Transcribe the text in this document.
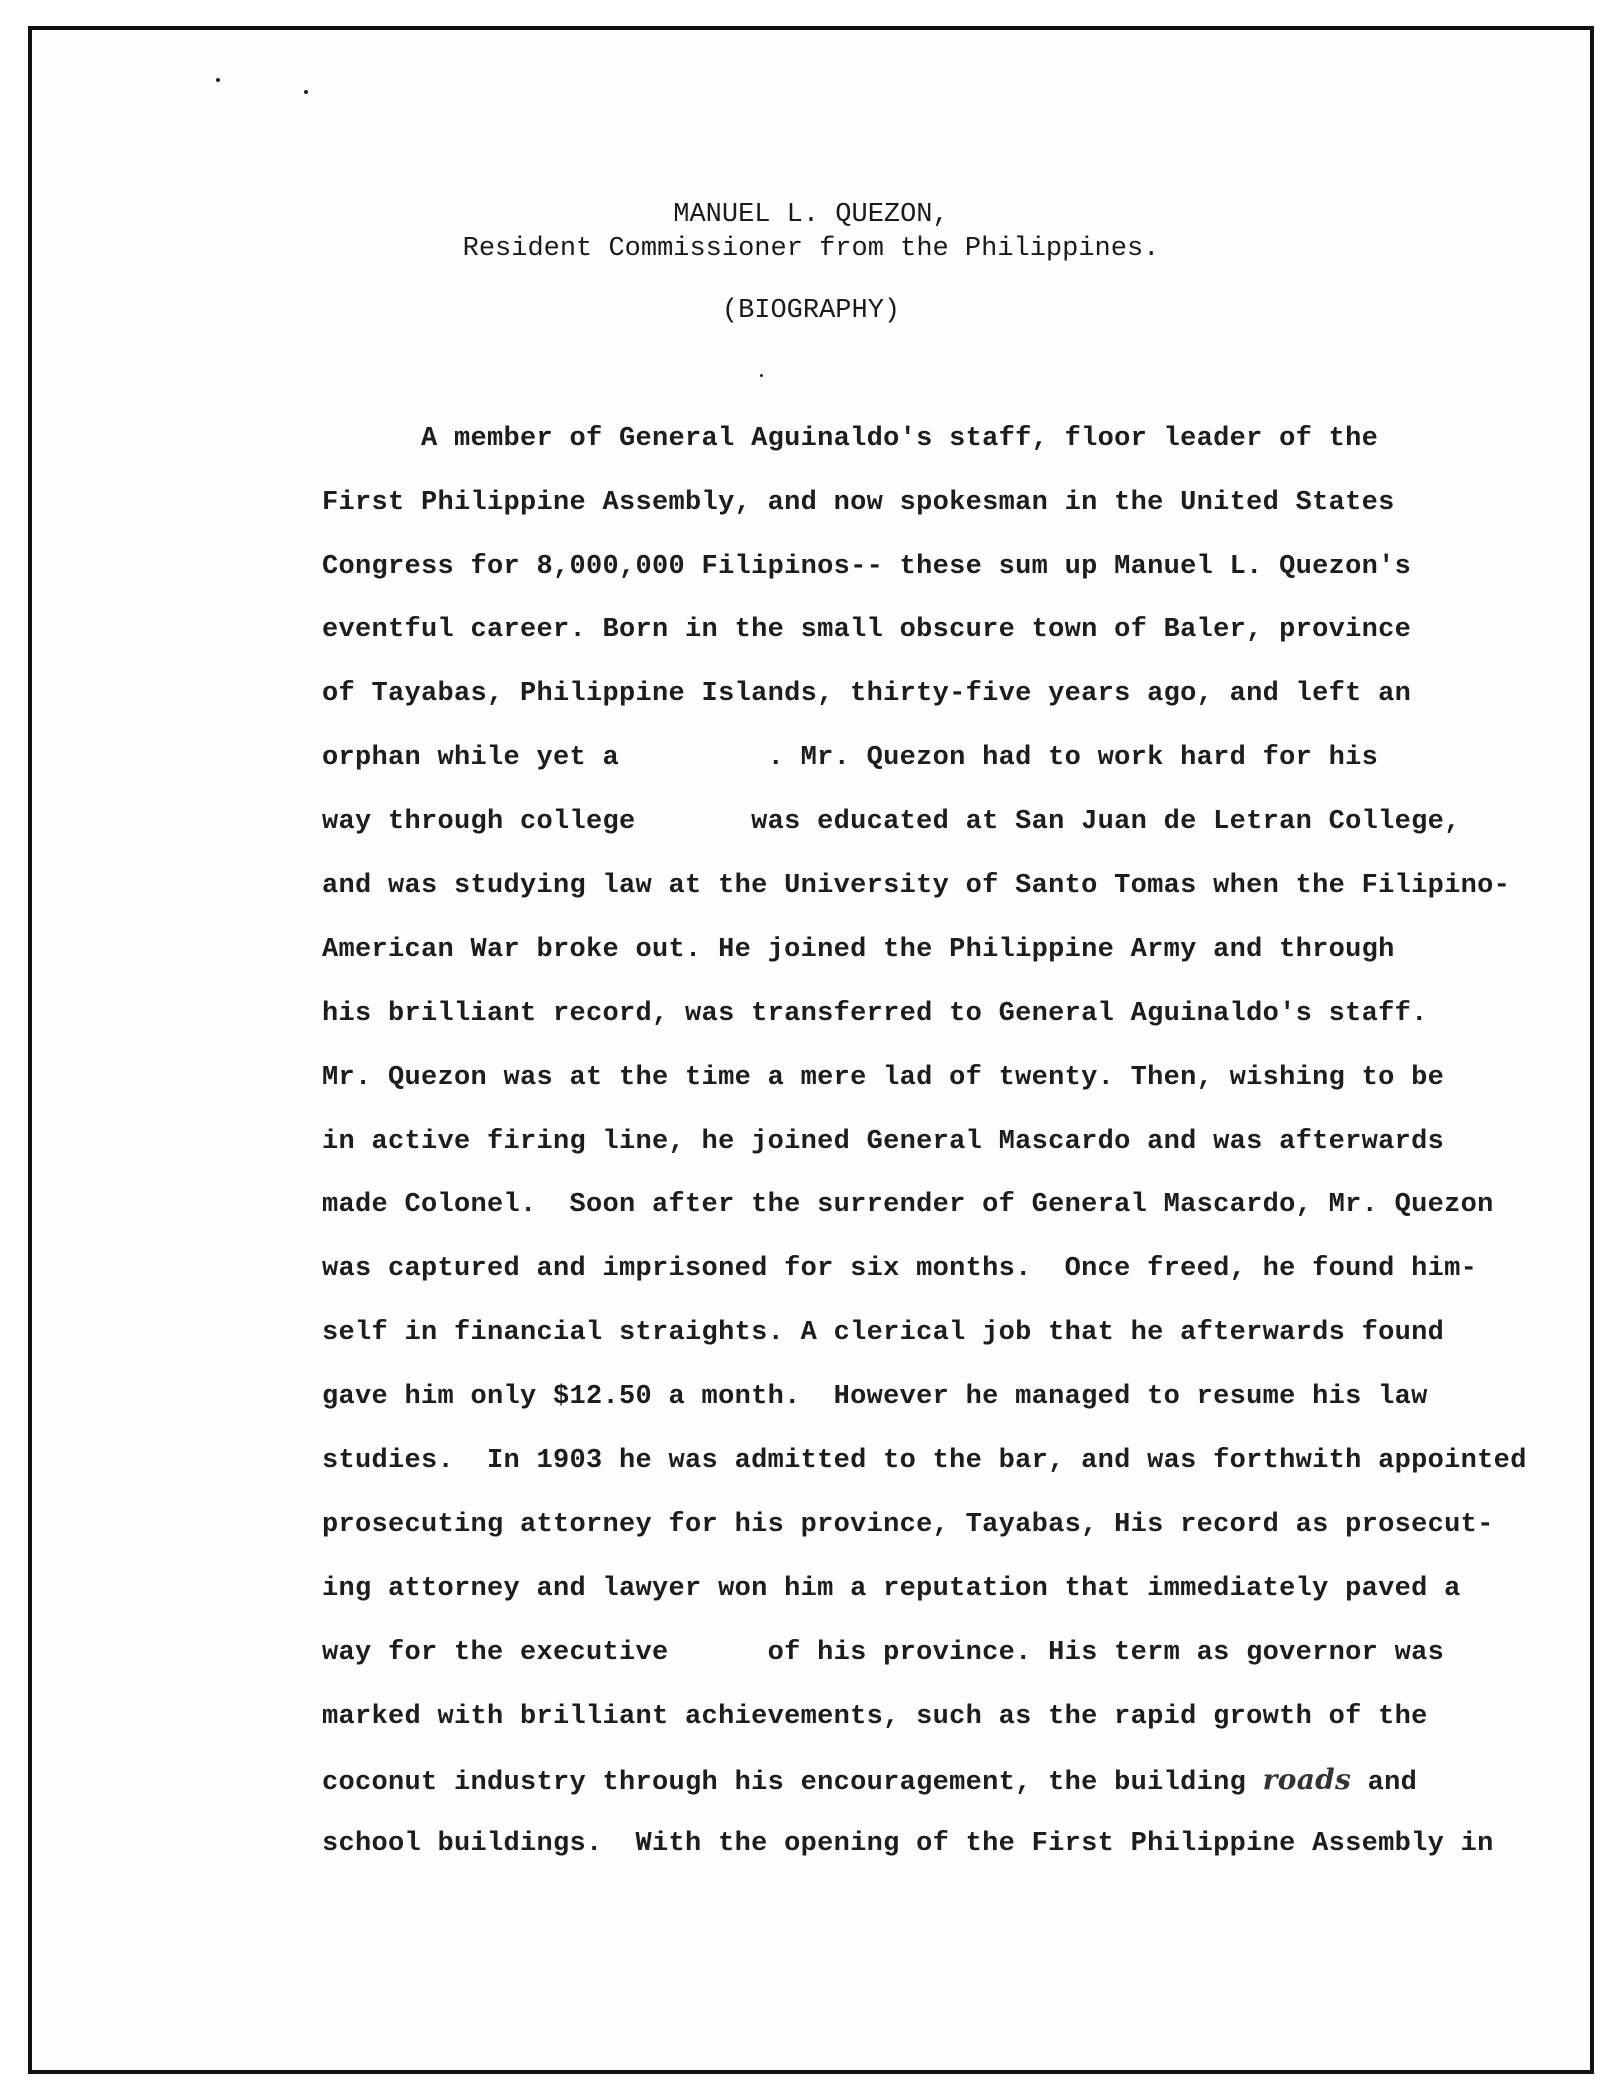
MANUEL L. QUEZON,
Resident Commissioner from the Philippines.
(BIOGRAPHY)

A member of General Aguinaldo's staff, floor leader of the

First Philippine Assembly, and now spokesman in the United States

Congress for 8,000,000 Filipinos-- these sum up Manuel L. Quezon's

eventful career. Born in the small obscure town of Baler, province

of Tayabas, Philippine Islands, thirty-five years ago, and left an

orphan while yet a         . Mr. Quezon had to work hard for his

way through college       was educated at San Juan de Letran College,

and was studying law at the University of Santo Tomas when the Filipino-

American War broke out. He joined the Philippine Army and through

his brilliant record, was transferred to General Aguinaldo's staff.

Mr. Quezon was at the time a mere lad of twenty. Then, wishing to be

in active firing line, he joined General Mascardo and was afterwards

made Colonel.  Soon after the surrender of General Mascardo, Mr. Quezon

was captured and imprisoned for six months.  Once freed, he found him-

self in financial straights. A clerical job that he afterwards found

gave him only $12.50 a month.  However he managed to resume his law

studies.  In 1903 he was admitted to the bar, and was forthwith appointed

prosecuting attorney for his province, Tayabas, His record as prosecut-

ing attorney and lawyer won him a reputation that immediately paved a

way for the executive      of his province. His term as governor was

marked with brilliant achievements, such as the rapid growth of the

coconut industry through his encouragement, the building roads and

school buildings.  With the opening of the First Philippine Assembly in
